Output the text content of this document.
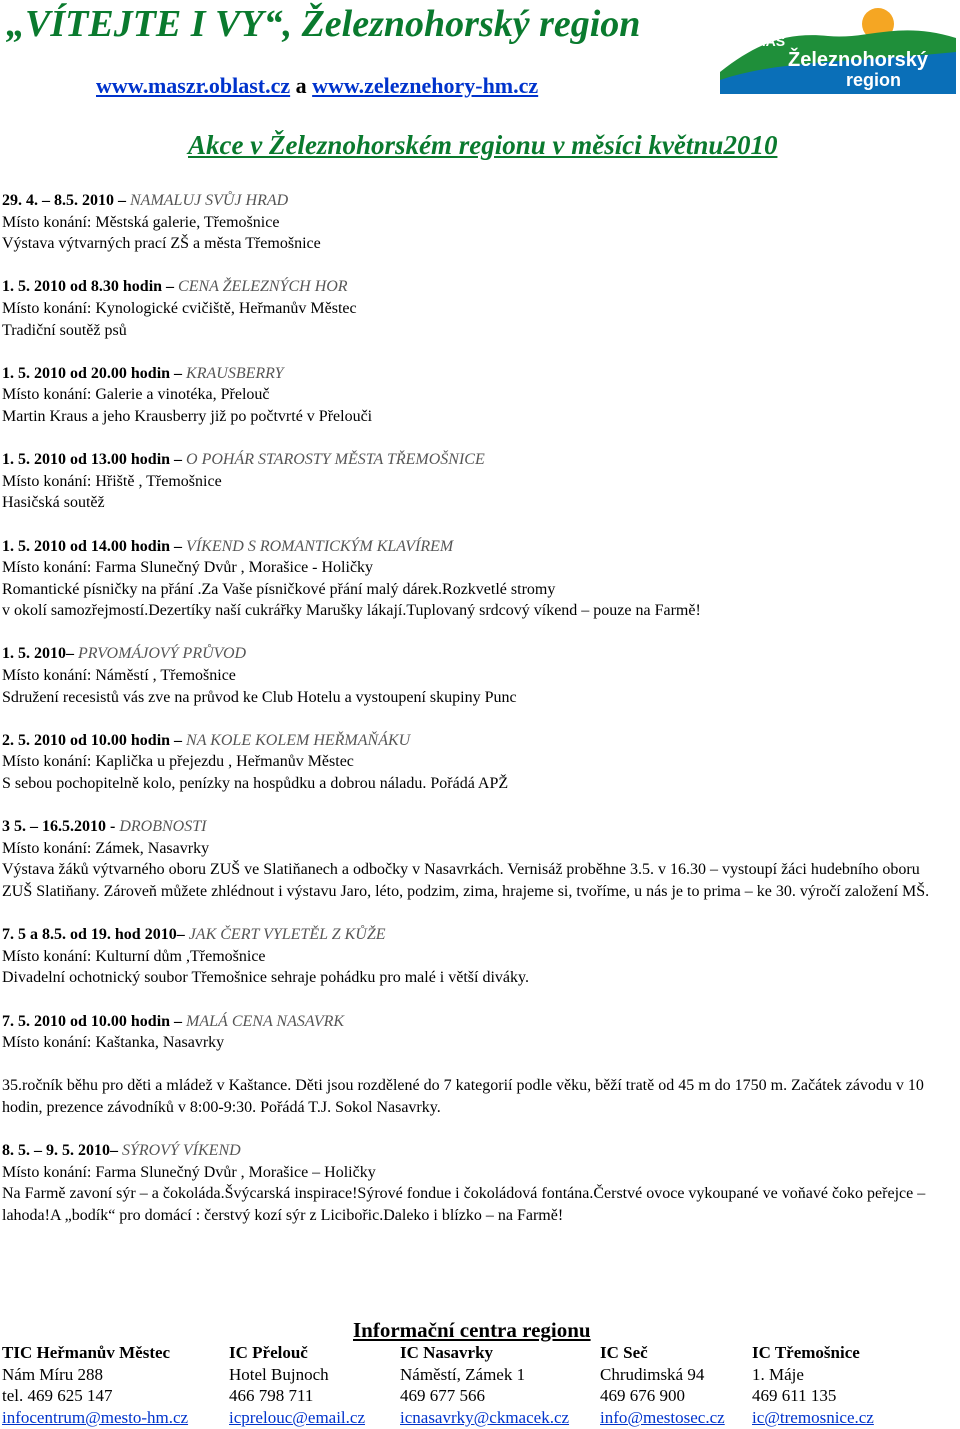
„VÍTEJTE I VY“, Železnohorský region
www.maszr.oblast.cz a www.zeleznehory-hm.cz
MAS
Železnohorský
region
Akce v Železnohorském regionu v měsíci květnu2010
29. 4. – 8.5. 2010 – NAMALUJ SVŮJ HRAD
Místo konání: Městská galerie, Třemošnice
Výstava výtvarných prací ZŠ a města Třemošnice
1. 5. 2010 od 8.30 hodin – CENA ŽELEZNÝCH HOR
Místo konání: Kynologické cvičiště, Heřmanův Městec
Tradiční soutěž psů
1. 5. 2010 od 20.00 hodin – KRAUSBERRY
Místo konání: Galerie a vinotéka, Přelouč
Martin Kraus a jeho Krausberry již po počtvrté v Přelouči
1. 5. 2010 od 13.00 hodin – O POHÁR STAROSTY MĚSTA TŘEMOŠNICE
Místo konání: Hřiště , Třemošnice
Hasičská soutěž
1. 5. 2010 od 14.00 hodin – VÍKEND S ROMANTICKÝM KLAVÍREM
Místo konání: Farma Slunečný Dvůr , Morašice - Holičky
Romantické písničky na přání .Za Vaše písničkové přání malý dárek.Rozkvetlé stromy
v okolí samozřejmostí.Dezertíky naší cukrářky Marušky lákají.Tuplovaný srdcový víkend – pouze na Farmě!
1. 5. 2010– PRVOMÁJOVÝ PRŮVOD
Místo konání: Náměstí , Třemošnice
Sdružení recesistů vás zve na průvod ke Club Hotelu a vystoupení skupiny Punc
2. 5. 2010 od 10.00 hodin – NA KOLE KOLEM HEŘMAŇÁKU
Místo konání: Kaplička u přejezdu , Heřmanův Městec
S sebou pochopitelně kolo, penízky na hospůdku a dobrou náladu. Pořádá APŽ
3 5. – 16.5.2010 - DROBNOSTI
Místo konání: Zámek, Nasavrky
Výstava žáků výtvarného oboru ZUŠ ve Slatiňanech a odbočky v Nasavrkách. Vernisáž proběhne 3.5. v 16.30 – vystoupí žáci hudebního oboru ZUŠ Slatiňany. Zároveň můžete zhlédnout i výstavu Jaro, léto, podzim, zima, hrajeme si, tvoříme, u nás je to prima – ke 30. výročí založení MŠ.
7. 5 a 8.5. od 19. hod 2010– JAK ČERT VYLETĚL Z KŮŽE
Místo konání: Kulturní dům ,Třemošnice
Divadelní ochotnický soubor Třemošnice sehraje pohádku pro malé i větší diváky.
7. 5. 2010 od 10.00 hodin – MALÁ CENA NASAVRK
Místo konání: Kaštanka, Nasavrky
35.ročník běhu pro děti a mládež v Kaštance. Děti jsou rozdělené do 7 kategorií podle věku, běží tratě od 45 m do 1750 m. Začátek závodu v 10 hodin, prezence závodníků v 8:00-9:30. Pořádá T.J. Sokol Nasavrky.
8. 5. – 9. 5. 2010– SÝROVÝ VÍKEND
Místo konání: Farma Slunečný Dvůr , Morašice – Holičky
Na Farmě zavoní sýr – a čokoláda.Švýcarská inspirace!Sýrové fondue i čokoládová fontána.Čerstvé ovoce vykoupané ve voňavé čoko peřejce – lahoda!A „bodík“ pro domácí : čerstvý kozí sýr z Licibořic.Daleko i blízko – na Farmě!
Informační centra regionu
TIC Heřmanův Městec
Nám Míru 288
tel. 469 625 147
infocentrum@mesto-hm.cz
IC Přelouč
Hotel Bujnoch
466 798 711
icprelouc@email.cz
IC Nasavrky
Náměstí, Zámek 1
469 677 566
icnasavrky@ckmacek.cz
IC Seč
Chrudimská 94
469 676 900
info@mestosec.cz
IC Třemošnice
1. Máje
469 611 135
ic@tremosnice.cz
